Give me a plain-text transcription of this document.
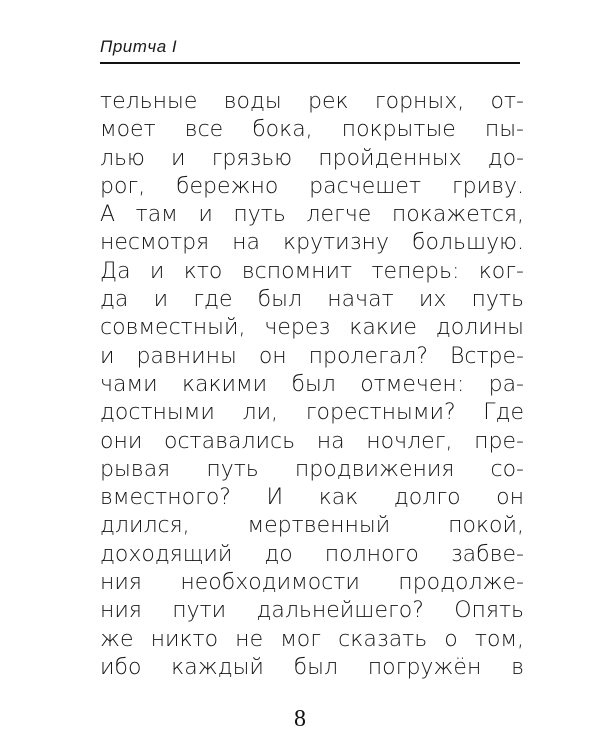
Притча I
тельные воды рек горных, от-
моет все бока, покрытые пы-
лью и грязью пройденных до-
рог, бережно расчешет гриву.
А там и путь легче покажется,
несмотря на крутизну большую.
Да и кто вспомнит теперь: ког-
да и где был начат их путь
совместный, через какие долины
и равнины он пролегал? Встре-
чами какими был отмечен: ра-
достными ли, горестными? Где
они оставались на ночлег, пре-
рывая путь продвижения со-
вместного? И как долго он
длился, мертвенный покой,
доходящий до полного забве-
ния необходимости продолже-
ния пути дальнейшего? Опять
же никто не мог сказать о том,
ибо каждый был погружён в
8
